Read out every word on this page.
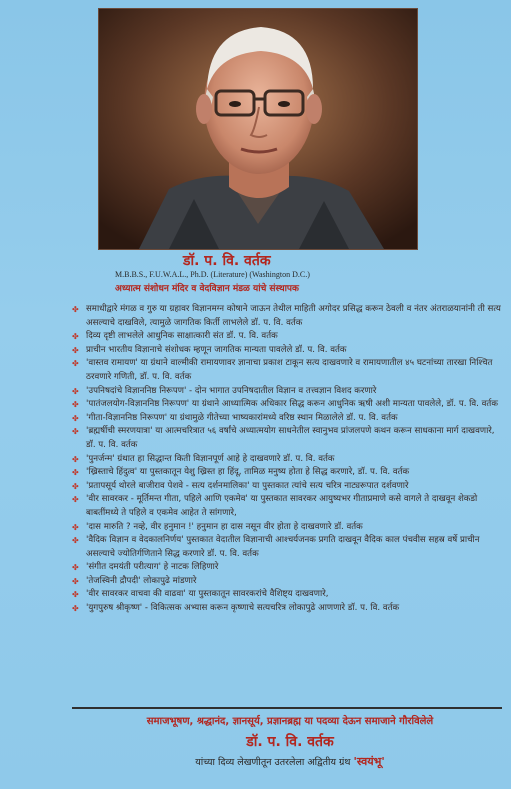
डॉ. प. वि. वर्तक
M.B.B.S., F.U.W.A.L., Ph.D. (Literature) (Washington D.C.)
अध्यात्म संशोधन मंदिर व वेदविज्ञान मंडळ यांचे संस्थापक
✤ समाधीद्वारे मंगळ व गुरु या ग्रहावर विज्ञानमग्न कोषाने जाऊन तेथील माहिती अगोदर प्रसिद्ध करून ठेवली व नंतर अंतराळयानांनी ती सत्य असल्याचे दाखविले, त्यामुळे जागतिक किर्ती लाभलेले डॉ. प. वि. वर्तक
✤ दिव्य दृष्टी लाभलेले आधुनिक साक्षात्कारी संत डॉ. प. वि. वर्तक
✤ प्राचीन भारतीय विज्ञानाचे संशोधक म्हणून जागतिक मान्यता पावलेले डॉ. प. वि. वर्तक
✤ 'वास्तव रामायण' या ग्रंथाने वाल्मीकी रामायणावर ज्ञानाचा प्रकाश टाकून सत्य दाखवणारे व रामायणातील ४५ घटनांच्या तारखा निश्चित ठरवणारे गणिती, डॉ. प. वि. वर्तक
✤ 'उपनिषदांचे विज्ञाननिष्ठ निरूपण' - दोन भागात उपनिषदातील विज्ञान व तत्त्वज्ञान विशद करणारे
✤ 'पातंजलयोग-विज्ञाननिष्ठ निरूपण' या ग्रंथाने आध्यात्मिक अधिकार सिद्ध करून आधुनिक ऋषी अशी मान्यता पावलेले, डॉ. प. वि. वर्तक
✤ 'गीता-विज्ञाननिष्ठ निरूपण' या ग्रंथामुळे गीतेच्या भाष्यकारांमध्ये वरिष्ठ स्थान मिळालेले डॉ. प. वि. वर्तक
✤ 'ब्रह्मर्षीची स्मरणयात्रा' या आत्मचरित्रात ५६ वर्षांचे अध्यात्मयोग साधनेतील स्वानुभव प्रांजलपणे कथन करून साधकाना मार्ग दाखवणारे, डॉ. प. वि. वर्तक
✤ 'पुनर्जन्म' ग्रंथात हा सिद्धान्त किती विज्ञानपूर्ण आहे हे दाखवणारे डॉ. प. वि. वर्तक
✤ 'ख्रिस्ताचे हिंदुत्व' या पुस्तकातून येशु ख्रिस्त हा हिंदू, तामिळ मनुष्य होता हे सिद्ध करणारे, डॉ. प. वि. वर्तक
✤ 'प्रतापसूर्य थोरले बाजीराव पेशवे - सत्य दर्शनमालिका' या पुस्तकात त्यांचे सत्य चरित्र नाट्यरूपात दर्शवणारे
✤ 'वीर सावरकर - मूर्तिमन्त गीता, पहिले आणि एकमेव' या पुस्तकात सावरकर आयुष्यभर गीताप्रमाणे कसे वागले ते दाखवून शेकडो बाबतींमध्ये ते पहिले व एकमेव आहेत ते सांगणारे,
✤ 'दास मारुति ? नव्हे, वीर हनुमान !' हनुमान हा दास नसून वीर होता हे दाखवणारे डॉ. वर्तक
✤ 'वैदिक विज्ञान व वेदकालनिर्णय' पुस्तकात वेदातील विज्ञानाची आश्चर्यजनक प्रगति दाखवून वैदिक काल पंचवीस सहस्र वर्षे प्राचीन असल्याचे ज्योतिर्गणिताने सिद्ध करणारे डॉ. प. वि. वर्तक
✤ 'संगीत दमयंती परीत्याग' हे नाटक लिहिणारे
✤ 'तेजस्विनी द्रौपदी' लोकापुढे मांडणारे
✤ 'वीर सावरकर वाचवा की वाढवा' या पुस्तकातून सावरकरांचे वैशिष्ट्य दाखवणारे,
✤ 'युगपुरुष श्रीकृष्ण' - विकित्सक अभ्यास करून कृष्णाचे सत्यचरित्र लोकापुढे आणणारे डॉ. प. वि. वर्तक
समाजभूषण, श्रद्धानंद, ज्ञानसूर्य, प्रज्ञानब्रह्म या पदव्या देऊन समाजाने गौरविलेले
डॉ. प. वि. वर्तक
यांच्या दिव्य लेखणीतून उतरलेला अद्वितीय ग्रंथ 'स्वयंभू'
